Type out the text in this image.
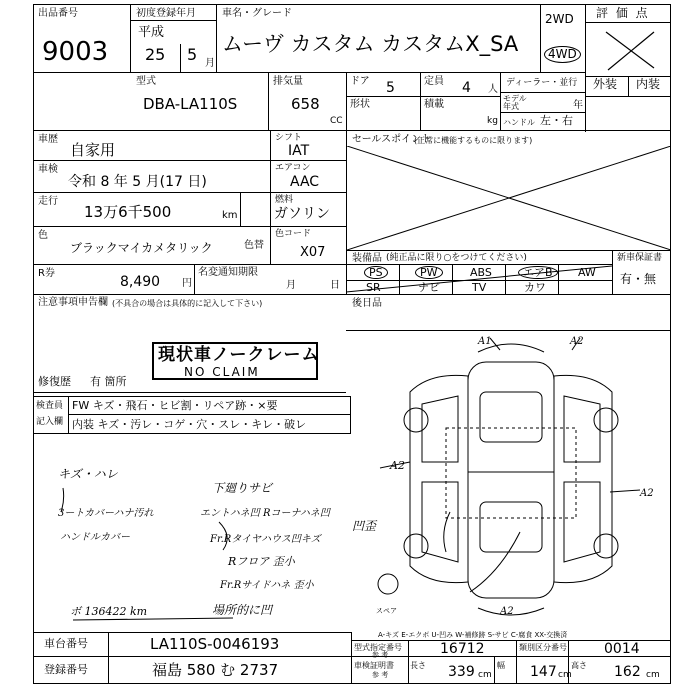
出品番号
9003
初度登録年月
平成
25 5 月
車名・グレード
ムーヴ カスタム カスタムX_SA
2WD
4WD
評 価 点
外装 内装
型式
DBA-LA110S
排気量
658
CC
ドア 5	定員 4 人
ディーラー・並行
形状	積載
kg
モデル年式	年
ハンドル 左・右
車歴
自家用
シフト
IAT
車検
令和 8 年 5 月(17 日)
エアコン
AAC
走行
13万6千500	km
燃料
ガソリン
色
ブラックマイカメタリック	色替
色コード
X07
R券
8,490 円
名変通知期限
月	日
注意事項申告欄 (不具合の場合は具体的に記入して下さい)
現状車ノークレーム
NO CLAIM
修復歴 有 箇所
検査員
記入欄
FW キズ・飛石・ヒビ割・リペア跡・×要
内装 キズ・汚レ・コゲ・穴・スレ・キレ・破レ
キズ・ハレ
3ートカバーハナ汚れ
ハンドルカバー
下廻りサビ
エントハネ凹 Rコーナハネ凹
Fr.Rタイヤハウス凹キズ
Rフロア 歪小
Fr.Rサイドハネ 歪小
場所的に凹
ボ 136422 km
凹歪
セールスポイント
(正常に機能するものに限ります)
装備品 (純正品に限り○をつけてください)	新車保証書
有・無
PS	PW	ABS	エアB	AW
SR	ナビ	TV	カワ
後日品
A1	A2
A2
A2
A2
スペア
A-キズ E-エクボ U-凹み W-補修跡 S-サビ C-腐食 XX-交換済
車台番号	LA110S-0046193
登録番号	福島 580 む 2737
型式指定番号
参 考	16712	類別区分番号	0014
車検証明書
参 考
長さ 339 cm
幅 147 cm
高さ 162 cm
